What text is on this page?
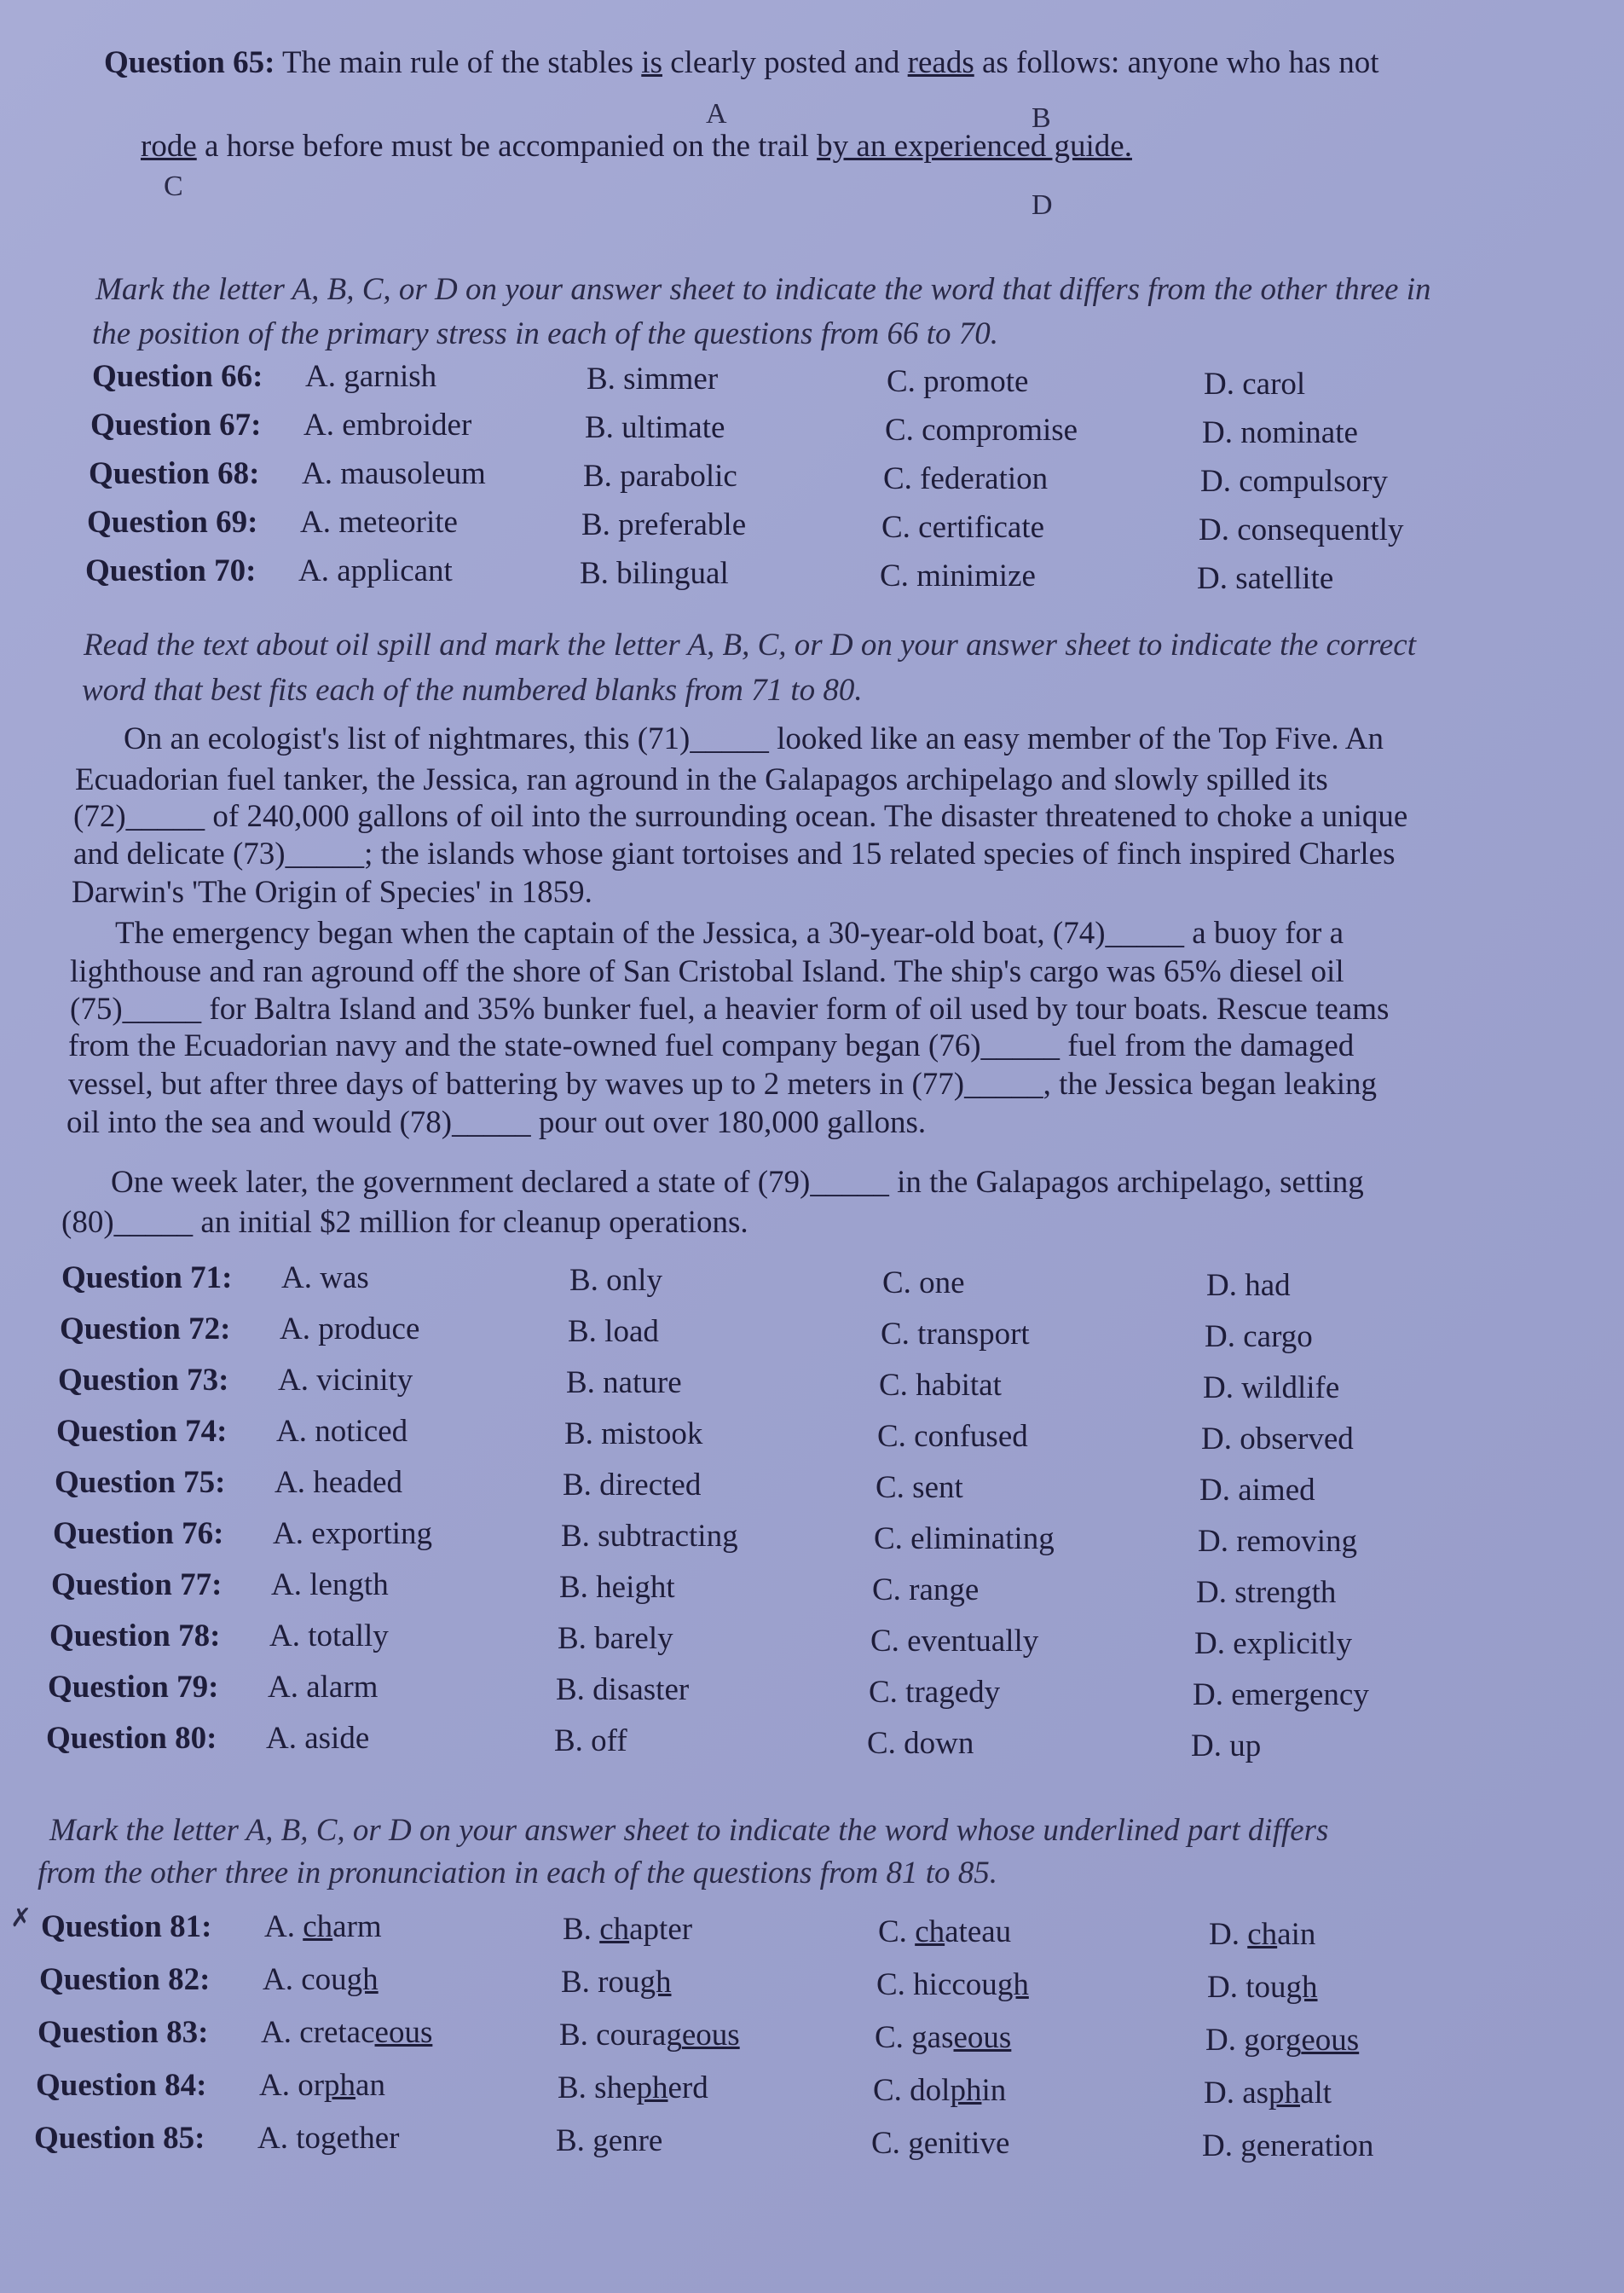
Question 65: The main rule of the stables is clearly posted and reads as follows: anyone who has not
A	B
rode a horse before must be accompanied on the trail by an experienced guide.
C
D
Mark the letter A, B, C, or D on your answer sheet to indicate the word that differs from the other three in
the position of the primary stress in each of the questions from 66 to 70.
Question 66: A. garnish	B. simmer	C. promote	D. carol
Question 67: A. embroider	B. ultimate	C. compromise	D. nominate
Question 68: A. mausoleum	B. parabolic	C. federation	D. compulsory
Question 69: A. meteorite	B. preferable	C. certificate	D. consequently
Question 70: A. applicant	B. bilingual	C. minimize	D. satellite
Read the text about oil spill and mark the letter A, B, C, or D on your answer sheet to indicate the correct
word that best fits each of the numbered blanks from 71 to 80.
On an ecologist's list of nightmares, this (71)_____ looked like an easy member of the Top Five. An
Ecuadorian fuel tanker, the Jessica, ran aground in the Galapagos archipelago and slowly spilled its
(72)_____ of 240,000 gallons of oil into the surrounding ocean. The disaster threatened to choke a unique
and delicate (73)_____; the islands whose giant tortoises and 15 related species of finch inspired Charles
Darwin's 'The Origin of Species' in 1859.
The emergency began when the captain of the Jessica, a 30-year-old boat, (74)_____ a buoy for a
lighthouse and ran aground off the shore of San Cristobal Island. The ship's cargo was 65% diesel oil
(75)_____ for Baltra Island and 35% bunker fuel, a heavier form of oil used by tour boats. Rescue teams
from the Ecuadorian navy and the state-owned fuel company began (76)_____ fuel from the damaged
vessel, but after three days of battering by waves up to 2 meters in (77)_____, the Jessica began leaking
oil into the sea and would (78)_____ pour out over 180,000 gallons.
One week later, the government declared a state of (79)_____ in the Galapagos archipelago, setting
(80)_____ an initial $2 million for cleanup operations.
Question 71: A. was	B. only	C. one	D. had
Question 72: A. produce	B. load	C. transport	D. cargo
Question 73: A. vicinity	B. nature	C. habitat	D. wildlife
Question 74: A. noticed	B. mistook	C. confused	D. observed
Question 75: A. headed	B. directed	C. sent	D. aimed
Question 76: A. exporting	B. subtracting	C. eliminating	D. removing
Question 77: A. length	B. height	C. range	D. strength
Question 78: A. totally	B. barely	C. eventually	D. explicitly
Question 79: A. alarm	B. disaster	C. tragedy	D. emergency
Question 80: A. aside	B. off	C. down	D. up
Mark the letter A, B, C, or D on your answer sheet to indicate the word whose underlined part differs
from the other three in pronunciation in each of the questions from 81 to 85.
✗ Question 81: A. charm	B. chapter	C. chateau	D. chain
Question 82: A. cough	B. rough	C. hiccough	D. tough
Question 83: A. cretaceous	B. courageous	C. gaseous	D. gorgeous
Question 84: A. orphan	B. shepherd	C. dolphin	D. asphalt
Question 85: A. together	B. genre	C. genitive	D. generation
